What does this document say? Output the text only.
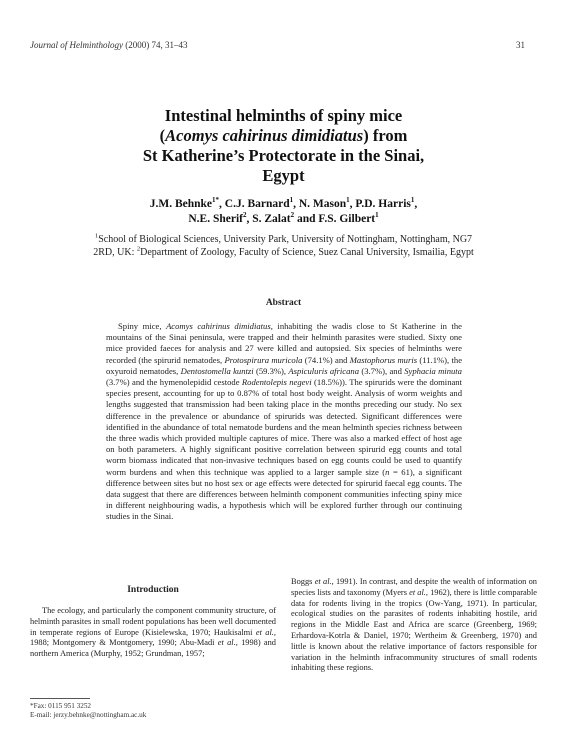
Journal of Helminthology (2000) 74, 31–43	31
Intestinal helminths of spiny mice
(Acomys cahirinus dimidiatus) from
St Katherine’s Protectorate in the Sinai,
Egypt
J.M. Behnke$^{1*}$, C.J. Barnard$^1$, N. Mason$^1$, P.D. Harris$^1$,
N.E. Sherif$^2$, S. Zalat$^2$ and F.S. Gilbert$^1$
$^1$School of Biological Sciences, University Park, University of Nottingham, Nottingham, NG7 2RD, UK: $^2$Department of Zoology, Faculty of Science, Suez Canal University, Ismailia, Egypt
Abstract
Spiny mice, Acomys cahirinus dimidiatus, inhabiting the wadis close to St Katherine in the mountains of the Sinai peninsula, were trapped and their helminth parasites were studied. Sixty one mice provided faeces for analysis and 27 were killed and autopsied. Six species of helminths were recorded (the spirurid nematodes, Protospirura muricola (74.1%) and Mastophorus muris (11.1%), the oxyuroid nematodes, Dentostomella kuntzi (59.3%), Aspiculuris africana (3.7%), and Syphacia minuta (3.7%) and the hymenolepidid cestode Rodentolepis negevi (18.5%)). The spirurids were the dominant species present, accounting for up to 0.87% of total host body weight. Analysis of worm weights and lengths suggested that transmission had been taking place in the months preceding our study. No sex difference in the prevalence or abundance of spirurids was detected. Significant differences were identified in the abundance of total nematode burdens and the mean helminth species richness between the three wadis which provided multiple captures of mice. There was also a marked effect of host age on both parameters. A highly significant positive correlation between spirurid egg counts and total worm biomass indicated that non-invasive techniques based on egg counts could be used to quantify worm burdens and when this technique was applied to a larger sample size (n = 61), a significant difference between sites but no host sex or age effects were detected for spirurid faecal egg counts. The data suggest that there are differences between helminth component communities infecting spiny mice in different neighbouring wadis, a hypothesis which will be explored further through our continuing studies in the Sinai.
Introduction
The ecology, and particularly the component community structure, of helminth parasites in small rodent populations has been well documented in temperate regions of Europe (Kisielewska, 1970; Haukisalmi et al., 1988; Montgomery & Montgomery, 1990; Abu-Madi et al., 1998) and northern America (Murphy, 1952; Grundman, 1957;
Boggs et al., 1991). In contrast, and despite the wealth of information on species lists and taxonomy (Myers et al., 1962), there is little comparable data for rodents living in the tropics (Ow-Yang, 1971). In particular, ecological studies on the parasites of rodents inhabiting hostile, arid regions in the Middle East and Africa are scarce (Greenberg, 1969; Erhardova-Kotrla & Daniel, 1970; Wertheim & Greenberg, 1970) and little is known about the relative importance of factors responsible for variation in the helminth infracommunity structures of small rodents inhabiting these regions.
*Fax: 0115 951 3252
E-mail: jerzy.behnke@nottingham.ac.uk
